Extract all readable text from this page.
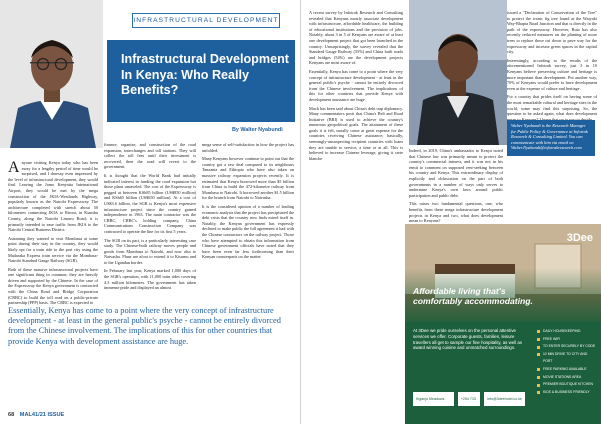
INFRASTRUCTURAL DEVELOPMENT
Infrastructural Development In Kenya: Who Really Benefits?
By Walter Nyabundi

Anyone visiting Kenya today who has been away for a lengthy period of time would be surprised, and I daresay even impressed by the level of infrastructural development, they would find. Leaving the Jomo Kenyatta International Airport, they would be met by the mega construction of the JKIA-Westlands Highway, popularly known as the Nairobi Expressway. The architecture completed with stretch about 50 kilometres connecting JKIA to Rironi, in Kiambu County, along the Nairobi Limuru Road; it is primarily intended to ease traffic from JKIA to the Nairobi Central Business District.

Assuming they wanted to visit Mombasa at some point during their stay in the country, they would likely opt for a train ride to the port city using the Madaraka Express train service via the Mombasa-Nairobi Standard Gauge Railway (SGR).

Both of these massive infrastructural projects have one significant thing in common; they are heavily driven and supported by the Chinese. In the case of the Expressway the Kenya government is contracted with the China Road and Bridge Corporation (CRBC) to build the toll road on a public-private partnership (PPP) basis. The CRBC is expected to

finance, organize, and construction of the road expansion, interchanges and toll stations. They will collect the toll fees until their investment is recovered, then the road will revert to the government.

It is thought that the World Bank had initially indicated interest in funding the road expansion but those plans unraveled. The cost of the Expressway is pegged at between KSh85 billion (US$850 million) and KSh65 billion (US$650 million). At a cost of US$3.6 billion, the SGR is Kenya's most expensive infrastructure project since the country gained independence in 1963. The main contractor was the CRBC, CRBC's holding company, China Communications Construction Company was contracted to operate the line for its first 5 years.

The SGR on its part, is a particularly interesting case study. The Chinese-built railway moves people and goods from Mombasa to Nairobi, and now also to Naivasha. Plans are afoot to extend it to Kisumu and to the Ugandan border.

In February last year, Kenya marked 1,000 days of the SGR's operation, with 11,000 train rides covering 4.3 million kilometres. The government has taken immense pride and displayed an almost

mega sense of self-satisfaction in how the project has unfolded.

Many Kenyans however continue to point out that the country got a raw deal compared to its neighbours Tanzania and Ethiopia who have also taken on massive railway expansion projects recently. It is estimated that Kenya borrowed more than $5 billion from China to build the 472-kilometre railway from Mombasa to Nairobi. It borrowed another $1.5 billion for the branch from Nairobi to Naivasha.

It is the considered opinion of a number of leading economic analysts that the project has precipitated the debt crisis that the country now finds mired itself in. Notably, the Kenyan government has expressly declined to make public the full agreement it had with the Chinese contractors on the railway project. Those who have attempted to obtain this information from Chinese government officials have noted that they have been even far less forthcoming than their Kenyan counterparts on the matter.

Essentially, Kenya has come to a point where the very concept of infrastructure development - at least in the general public's psyche - cannot be entirely divorced from the Chinese involvement. The implications of this for other countries that provide Kenya with development assistance are huge.
68 MAL41/21 ISSUE

A recent survey by Infotrak Research and Consulting revealed that Kenyans mostly associate development with infrastructure, affordable healthcare, the building of educational institutions and the provision of jobs. Notably, about 3 in 5 of Kenyans are aware of at least one development project that got been launched in the country. Unsurprisingly, the survey revealed that the Standard Gauge Railway (55%) and China built roads and bridges (54%) are the development projects Kenyans are most aware of.

Essentially, Kenya has come to a point where the very concept of infrastructure development - at least in the general public's psyche - cannot be entirely divorced from the Chinese involvement. The implications of this for other countries that provide Kenya with development assistance are huge.

Much has been said about China's debt trap diplomacy. Many commentators posit that China's Belt and Road Initiative (BRI) is used to achieve the country's numerous geopolitical goals. The attainment of these goals it is felt, usually come at great expense for the countries receiving Chinese assistance; basically, seemingly-unsuspecting recipient countries with loans they are unable to service, a time or at all. This is believed to increase Chinese leverage, giving it carte blanche

Indeed, in 2019, China's ambassador to Kenya noted that Chinese law was primarily meant to protect the country's commercial interest, and it was not in his remit to comment on supposed rent-seeking between his country and Kenya. This extraordinary display of explicitly and obfuscation on the part of both governments in a number of ways only serves to undermine Kenya's own laws around public participation and public debt.

This raises two fundamental questions, one, who benefits from these mega infrastructure development projects in Kenya and two, what does development mean to Kenyans?

issued a "Declaration of Conservation of the Tree" to protect the iconic fig tree found at the Waiyaki Way-Rhapta Road Junction and that is directly in the path of the expressway. However, Ruto has also recently reduced measures on the planting of more trees to replace those cut down to pave way for the expressway and increase green spaces in the capital city.

Interestingly, according to the results of the aforementioned Infotrak survey, just 3 in 10 Kenyans believe preserving culture and heritage is more important than development. Put another way, 70% of Kenyans would prefer to have development even at the expense of culture and heritage.

For a country that prides itself on having some of the most remarkable cultural and heritage sites in the world, some may find this surprising. So, the question to be asked again, what does development

Walter Nyabundi is the Research Manager for Public Policy & Governance at Infotrak Research & Consulting Limited. You can communicate with him via email on Walter.Nyabundi@infotrakresearch.com
3Dee
Affordable living that's comfortably accommodating.
At 3Dee we pride ourselves on the personal attentive services we offer. Corporate guests, families, leisure travellers all get to sample our fine hospitality, as well as award winning cuisine and unmatched surroundings.
DAILY HOUSEKEEPING
FREE WIFI
TO ENTER SECURELY BY CODE
12 MIN DRIVE TO CITY AND PORT
FREE PARKING AVAILABLE
MOVIE STATIONS AREA
PREMIER BOUTIQUE KITCHEN
KIDS & BUSINESS FRIENDLY
Kiganjo Meadows Rd, Off Ngong Road
+254 733 000 000
info@3deehotel.co.ke
